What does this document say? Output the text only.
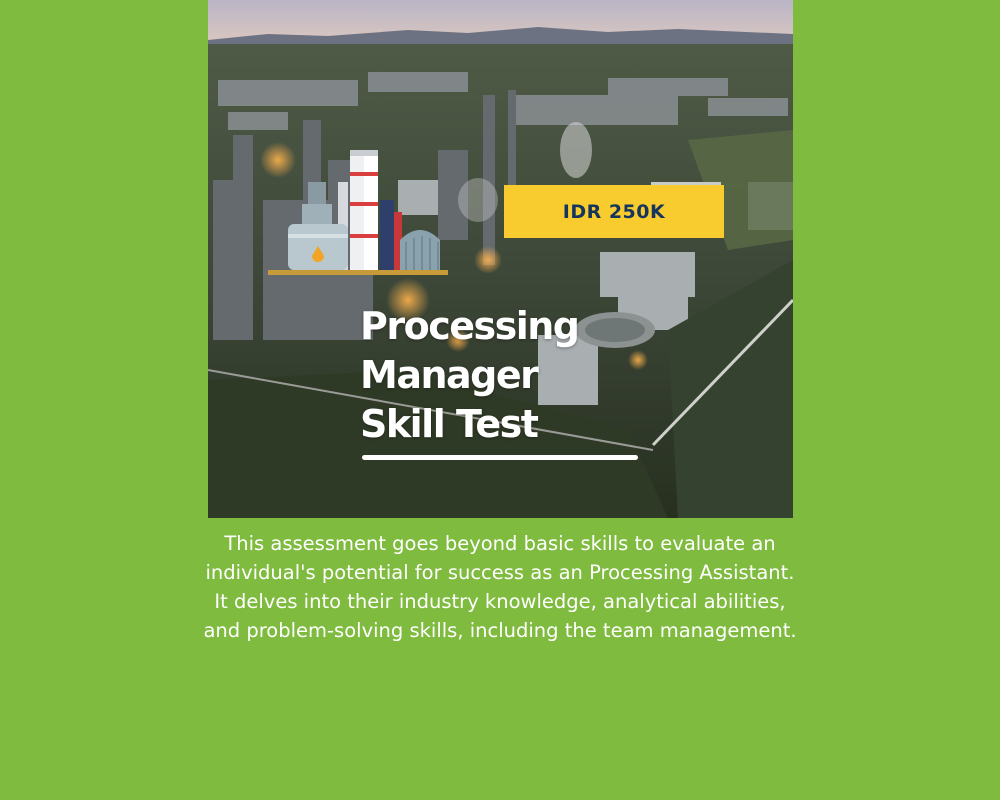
IDR 250K
Processing
Manager
Skill Test

This assessment goes beyond basic skills to evaluate an individual's potential for success as an Processing Assistant. It delves into their industry knowledge, analytical abilities, and problem-solving skills, including the team management.
